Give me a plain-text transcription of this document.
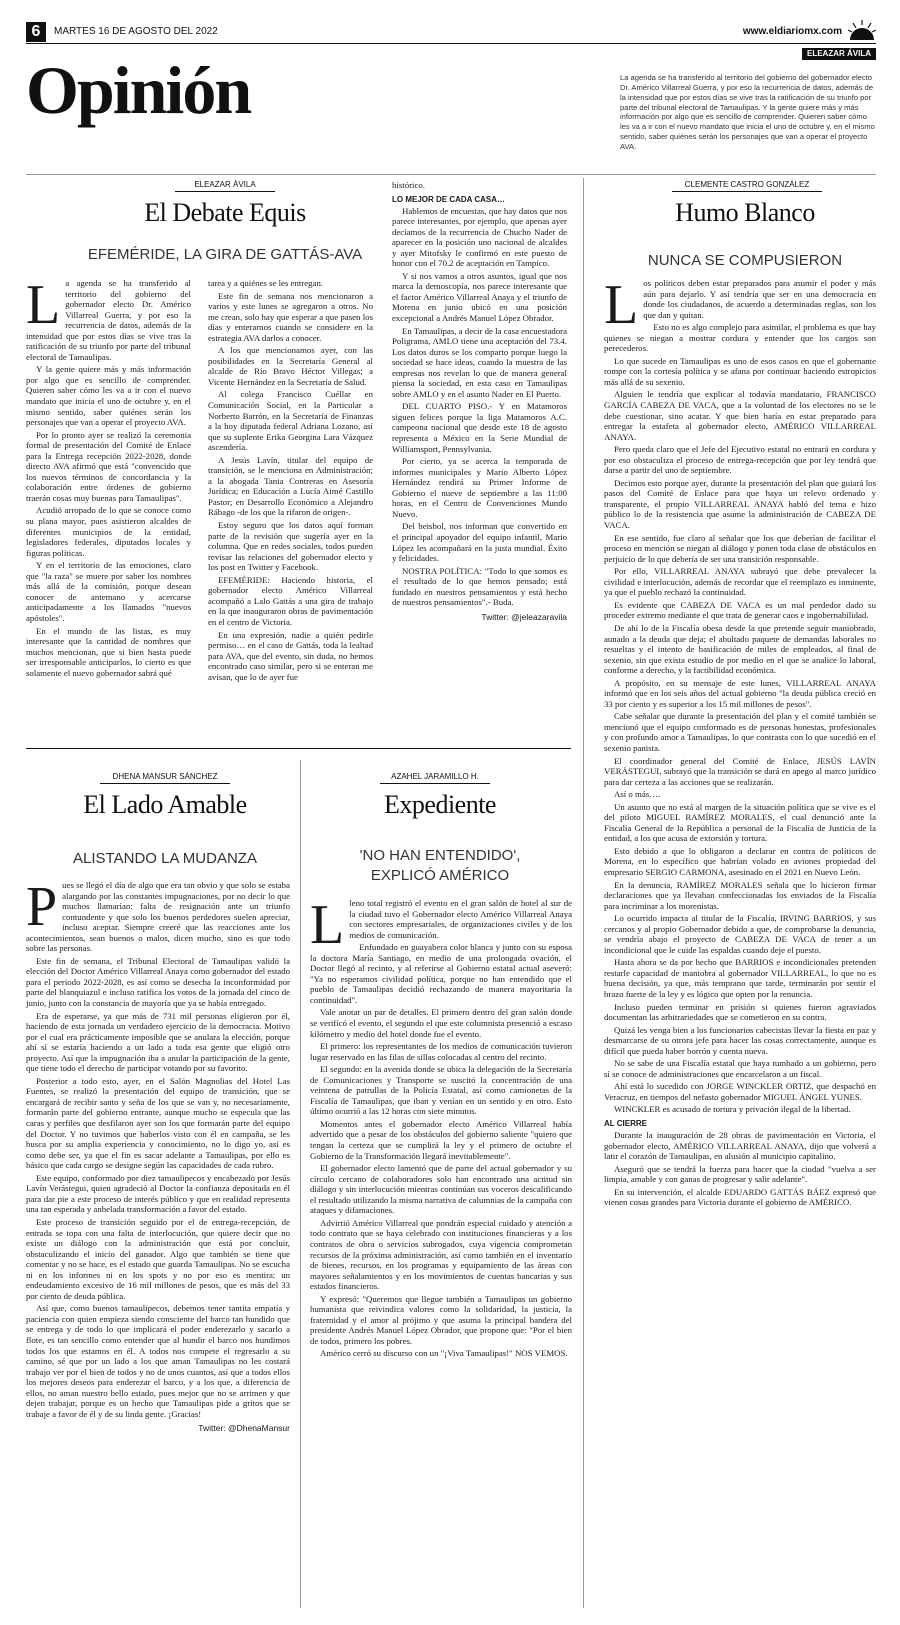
6	MARTES 16 DE AGOSTO DEL 2022	www.eldiariomx.com
Opinión	ELEAZAR ÁVILA
La agenda se ha transferido al territorio del gobierno del gobernador electo Dr. Américo Villarreal Guerra, y por eso la recurrencia de datos, además de la intensidad que por estos días se vive tras la ratificación de su triunfo por parte del tribunal electoral de Tamaulipas. Y la gente quiere más y más información por algo que es sencillo de comprender. Quieren saber cómo les va a ir con el nuevo mandato que inicia el uno de octubre y, en el mismo sentido, saber quiénes serán los personajes que van a operar el proyecto AVA.
ELEAZAR ÁVILA
El Debate Equis
EFEMÉRIDE, LA GIRA DE GATTÁS-AVA
L a agenda se ha transferido al territorio del gobierno del gobernador electo Dr. Américo Villarreal Guerra, y por eso la recurrencia de datos, además de la intensidad que por estos días se vive tras la ratificación de su triunfo por parte del tribunal electoral de Tamaulipas.

Y la gente quiere más y más información por algo que es sencillo de comprender. Quieren saber cómo les va a ir con el nuevo mandato que inicia el uno de octubre y, en el mismo sentido, saber quiénes serán los personajes que van a operar el proyecto AVA.

Por lo pronto ayer se realizó la ceremonia formal de presentación del Comité de Enlace para la Entrega recepción 2022-2028, donde directo AVA afirmó que está "convencido que los nuevos términos de concordancia y la colaboración entre órdenes de gobierno traerán cosas muy buenas para Tamaulipas".

Acudió arropado de lo que se conoce como su plana mayor, pues asistieron alcaldes de diferentes municipios de la entidad, legisladores federales, diputados locales y figuras políticas.

Y en el territorio de las emociones, claro que "la raza" se muere por saber los nombres más allá de la comisión, porque desean conocer de antemano y acercarse anticipadamente a los llamados "nuevos apóstoles".

En el mundo de las listas, es muy interesante que la cantidad de nombres que muchos mencionan, que si bien hasta puede ser irresponsable anticiparlos, lo cierto es que solamente el nuevo gobernador sabrá qué

tarea y a quiénes se les entregan.

Este fin de semana nos mencionaron a varios y este lunes se agregaron a otros. No me crean, solo hay que esperar a que pasen los días y enterarnos cuando se considere en la estrategia AVA darlos a conocer.

A los que mencionamos ayer, con las posibilidades en la Secretaría General al alcalde de Río Bravo Héctor Villegas; a Vicente Hernández en la Secretaría de Salud.

Al colega Francisco Cuéllar en Comunicación Social, en la Particular a Norberto Barrón, en la Secretaría de Finanzas a la hoy diputada federal Adriana Lozano, así que su suplente Erika Georgina Lara Vázquez ascendería.

A Jesús Lavín, titular del equipo de transición, se le menciona en Administración; a la abogada Tania Contreras en Asesoría Jurídica; en Educación a Lucía Aimé Castillo Pastor; en Desarrollo Económico a Alejandro Rábago -de los que la rifaron de origen-.

Estoy seguro que los datos aquí forman parte de la revisión que sugería ayer en la columna. Que en redes sociales, todos pueden revisar las relaciones del gobernador electo y los post en Twitter y Facebook.

EFEMÉRIDE: Haciendo historia, el gobernador electo Américo Villarreal acompañó a Lalo Gattás a una gira de trabajo en la que inauguraron obras de pavimentación en el centro de Victoria.

En una expresión, nadie a quién pedirle permiso… en el caso de Gattás, toda la lealtad para AVA, que del evento, sin duda, no hemos encontrado caso similar, pero si se enteran me avisan, que lo de ayer fue

histórico.

LO MEJOR DE CADA CASA…

Hablemos de encuestas, que hay datos que nos parece interesantes, por ejemplo, que apenas ayer decíamos de la recurrencia de Chucho Nader de aparecer en la posición uno nacional de alcaldes y ayer Mitofsky le confirmó en este puesto de honor con el 70.2 de aceptación en Tampico.

Y si nos vamos a otros asuntos, igual que nos marca la demoscopía, nos parece interesante que el factor Américo Villarreal Anaya y el triunfo de Morena en junio ubicó en una posición excepcional a Andrés Manuel López Obrador.

En Tamaulipas, a decir de la casa encuestadora Poligrama, AMLO tiene una aceptación del 73.4. Los datos duros se los comparto porque luego la sociedad se hace ideas, cuando la muestra de las empresas nos revelan lo que de manera general piensa la sociedad, en esta caso en Tamaulipas sobre AMLO y en el asunto Nader en El Puerto.

DEL CUARTO PISO.- Y en Matamoros siguen felices porque la liga Matamoros A.C. campeona nacional que desde este 18 de agosto representa a México en la Serie Mundial de Williamsport, Pennsylvania.

Por cierto, ya se acerca la temporada de informes municipales y Mario Alberto López Hernández rendirá su Primer Informe de Gobierno el nueve de septiembre a las 11:00 horas, en el Centro de Convenciones Mundo Nuevo.

Del beisbol, nos informan que convertido en el principal apoyador del equipo infantil, Mario López les acompañará en la justa mundial. Éxito y felicidades.

NOSTRA POLÍTICA: "Todo lo que somos es el resultado de lo que hemos pensado; está fundado en nuestros pensamientos y está hecho de nuestros pensamientos".- Buda.

Twitter: @jeleazaravila
CLEMENTE CASTRO GONZÁLEZ
Humo Blanco
NUNCA SE COMPUSIERON
L os políticos deben estar preparados para asumir el poder y más aún para dejarlo. Y así tendría que ser en una democracia en donde los ciudadanos, de acuerdo a determinadas reglas, son los que dan y quitan.

Esto no es algo complejo para asimilar, el problema es que hay quienes se niegan a mostrar cordura y entender que los cargos son perecederos.

Lo que sucede en Tamaulipas es uno de esos casos en que el gobernante rompe con la cortesía política y se afana por continuar haciendo estropicios más allá de su sexenio.

Alguien le tendría que explicar al todavía mandatario, FRANCISCO GARCÍA CABEZA DE VACA, que a la voluntad de los electores no se le debe cuestionar, sino acatar. Y que bien haría en estar preparado para entregar la estafeta al gobernador electo, AMÉRICO VILLARREAL ANAYA.

Pero queda claro que el Jefe del Ejecutivo estatal no entrará en cordura y por eso obstaculiza el proceso de entrega-recepción que por ley tendrá que darse a partir del uno de septiembre.

Decimos esto porque ayer, durante la presentación del plan que guiará los pasos del Comité de Enlace para que haya un relevo ordenado y transparente, el propio VILLARREAL ANAYA habló del tema e hizo público lo de la resistencia que asume la administración de CABEZA DE VACA.

En ese sentido, fue claro al señalar que los que deberían de facilitar el proceso en mención se niegan al diálogo y ponen toda clase de obstáculos en perjuicio de lo que debería de ser una transición responsable.

Por ello, VILLARREAL ANAYA subrayó que debe prevalecer la civilidad e interlocución, además de recordar que el reemplazo es inminente, ya que el pueblo rechazó la continuidad.

Es evidente que CABEZA DE VACA es un mal perdedor dado su proceder extremo mediante el que trata de generar caos e ingobernabilidad.

De ahí lo de la Fiscalía obesa desde la que pretende seguir maniobrado, aunado a la deuda que deja; el abultado paquete de demandas laborales no resueltas y el intento de basificación de miles de empleados, al final de sexenio, sin que exista estudio de por medio en el que se analice lo laboral, conforme a derecho, y la factibilidad económica.

A propósito, en su mensaje de este lunes, VILLARREAL ANAYA informó que en los seis años del actual gobierno "la deuda pública creció en 33 por ciento y es superior a los 15 mil millones de pesos".

Cabe señalar que durante la presentación del plan y el comité también se mencionó que el equipo conformado es de personas honestas, profesionales y con profundo amor a Tamaulipas, lo que contrasta con lo que sucedió en el sexenio panista.

El coordinador general del Comité de Enlace, JESÚS LAVÍN VERÁSTEGUI, subrayó que la transición se dará en apego al marco jurídico para dar certeza a las acciones que se realizarán.

Así o más….

Un asunto que no está al margen de la situación política que se vive es el del piloto MIGUEL RAMÍREZ MORALES, el cual denunció ante la Fiscalía General de la República a personal de la Fiscalía de Justicia de la entidad, a los que acusa de extorsión y tortura.

Esto debido a que lo obligaron a declarar en contra de políticos de Morena, en lo específico que habrían volado en aviones propiedad del empresario SERGIO CARMONA, asesinado en el 2021 en Nuevo León.

En la denuncia, RAMÍREZ MORALES señala que lo hicieron firmar declaraciones que ya llevaban confeccionadas los enviados de la Fiscalía para incriminar a los morenistas.

Lo ocurrido impacta al titular de la Fiscalía, IRVING BARRIOS, y sus cercanos y al propio Gobernador debido a que, de comprobarse la denuncia, se vendría abajo el proyecto de CABEZA DE VACA de tener a un incondicional que le cuide las espaldas cuando deje el puesto.

Hasta ahora se da por hecho que BARRIOS e incondicionales pretenden restarle capacidad de maniobra al gobernador VILLARREAL, lo que no es buena decisión, ya que, más temprano que tarde, terminarán por sentir el brazo fuerte de la ley y es lógico que opten por la renuncia.

Incluso pueden terminar en prisión si quienes fueron agraviados documentan las arbitrariedades que se cometieron en su contra.

Quizá les venga bien a los funcionarios cabecistas llevar la fiesta en paz y desmarcarse de su otrora jefe para hacer las cosas correctamente, aunque es difícil que pueda haber borrón y cuenta nueva.

No se sabe de una Fiscalía estatal que haya tumbado a un gobierno, pero sí se conoce de administraciones que encarcelaron a un fiscal.

Ahí está lo sucedido con JORGE WINCKLER ORTIZ, que despachó en Veracruz, en tiempos del nefasto gobernador MIGUEL ÁNGEL YUNES.

WINCKLER es acusado de tortura y privación ilegal de la libertad.

AL CIERRE

Durante la inauguración de 28 obras de pavimentación en Victoria, el gobernador electo, AMÉRICO VILLARREAL ANAYA, dijo que volverá a latir el corazón de Tamaulipas, en alusión al municipio capitalino.

Aseguró que se tendrá la fuerza para hacer que la ciudad "vuelva a ser limpia, amable y con ganas de progresar y salir adelante".

En su intervención, el alcalde EDUARDO GATTÁS BÁEZ expresó que vienen cosas grandes para Victoria durante el gobierno de AMÉRICO.

DHENA MANSUR SÁNCHEZ
El Lado Amable
ALISTANDO LA MUDANZA
P ues se llegó el día de algo que era tan obvio y que solo se estaba alargando por las constantes impugnaciones, por no decir lo que muchos llamarían: falta de resignación ante un triunfo contundente y que solo los buenos perdedores suelen apreciar, incluso aceptar. Siempre creeré que las reacciones ante los acontecimientos, sean buenos o malos, dicen mucho, sino es que todo sobre las personas.

Este fin de semana, el Tribunal Electoral de Tamaulipas validó la elección del Doctor Américo Villarreal Anaya como gobernador del estado para el periodo 2022-2028, es así como se desecha la inconformidad por parte del blanquiazul e incluso ratifica los votos de la jornada del cinco de junio, junto con la constancia de mayoría que ya se había entregado.

Era de esperarse, ya que más de 731 mil personas eligieron por él, haciendo de esta jornada un verdadero ejercicio de la democracia. Motivo por el cual era prácticamente imposible que se anulara la elección, porque ahí sí se estaría haciendo a un lado a toda esa gente que eligió otro proyecto. Así que la impugnación iba a anular la participación de la gente, que tiene todo el derecho de participar votando por su favorito.

Posterior a todo esto, ayer, en el Salón Magnolias del Hotel Las Fuentes, se realizó la presentación del equipo de transición, que se encargará de recibir santo y seña de los que se van y, no necesariamente, formarán parte del gobierno entrante, aunque mucho se especula que las caras y perfiles que desfilaron ayer son los que formarán parte del equipo del Doctor. Y no tuvimos que haberlos visto con él en campaña, se les busca por su amplia experiencia y conocimiento, no lo digo yo, así es como debe ser, ya que el fin es sacar adelante a Tamaulipas, por ello es básico que cada cargo se designe según las capacidades de cada rubro.

Este equipo, conformado por diez tamaulipecos y encabezado por Jesús Lavín Verástegui, quien agradeció al Doctor la confianza depositada en él para dar pie a este proceso de interés público y que en realidad representa una tan esperada y anhelada transformación a favor del estado.

Este proceso de transición seguido por el de entrega-recepción, de entrada se topa con una falta de interlocución, que quiere decir que no existe un diálogo con la administración que está por concluir, obstaculizando el inicio del ganador. Algo que también se tiene que comentar y no se hace, es el estado que guarda Tamaulipas. No se escucha ni en los informes ni en los spots y no por eso es mentira: un endeudamiento excesivo de 16 mil millones de pesos, que es más del 33 por ciento de deuda pública.

Así que, como buenos tamaulipecos, debemos tener tantita empatía y paciencia con quien empieza siendo consciente del barco tan hundido que se entrega y de todo lo que implicará el poder enderezarlo y sacarlo a flote, es tan sencillo como entender que al hundir el barco nos hundimos todos los que estamos en él. A todos nos compete el regresarlo a su camino, sé que por un lado a los que aman Tamaulipas no les costará trabajo ver por el bien de todos y no de unos cuantos, así que a todos ellos los mejores deseos para enderezar el barco, y a los que, a diferencia de ellos, no aman nuestro bello estado, pues mejor que no se arrimen y que dejen trabajar, porque es un hecho que Tamaulipas pide a gritos que se trabaje a favor de él y de su linda gente. ¡Gracias!

Twitter: @DhenaMansur
AZAHEL JARAMILLO H.
Expediente
'NO HAN ENTENDIDO',
EXPLICÓ AMÉRICO
L leno total registró el evento en el gran salón de hotel al sur de la ciudad tuvo el Gobernador electo Américo Villarreal Anaya con sectores empresariales, de organizaciones civiles y de los medios de comunicación.

Enfundado en guayabera color blanca y junto con su esposa la doctora María Santiago, en medio de una prolongada ovación, el Doctor llegó al recinto, y al referirse al Gobierno estatal actual aseveró: "Ya no esperamos civilidad política, porque no han entendido que el pueblo de Tamaulipas decidió rechazando de manera mayoritaria la continuidad".

Vale anotar un par de detalles. El primero dentro del gran salón donde se verificó el evento, el segundo el que este columnista presenció a escaso kilómetro y medio del hotel donde fue el evento.

El primero: los representantes de los medios de comunicación tuvieron lugar reservado en las filas de sillas colocadas al centro del recinto.

El segundo: en la avenida donde se ubica la delegación de la Secretaría de Comunicaciones y Transporte se suscitó la concentración de una veintena de patrullas de la Policía Estatal, así como camionetas de la Fiscalía de Tamaulipas, que iban y venían en un sentido y en otro. Esto último ocurrió a las 12 horas con siete minutos.

Momentos antes el gobernador electo Américo Villarreal había advertido que a pesar de los obstáculos del gobierno saliente "quiero que tengan la certeza que se cumplirá la ley y el primero de octubre el Gobierno de la Transformación llegará inevitablemente".

El gobernador electo lamentó que de parte del actual gobernador y su círculo cercano de colaboradores solo han encontrado una actitud sin diálogo y sin interlocución mientras continúan sus voceros descalificando el resultado utilizando la misma narrativa de calumnias de la campaña con ataques y difamaciones.

Advirtió Américo Villarreal que pondrán especial cuidado y atención a todo contrato que se haya celebrado con instituciones financieras y a los contratos de obra o servicios subrogados, cuya vigencia comprometan recursos de la próxima administración, así como también en el inventario de bienes, recursos, en los programas y equipamiento de las áreas con mayores señalamientos y en los movimientos de cuentas bancarias y sus estados financieros.

Y expresó: "Queremos que llegue también a Tamaulipas un gobierno humanista que reivindica valores como la solidaridad, la justicia, la fraternidad y el amor al prójimo y que asuma la principal bandera del presidente Andrés Manuel López Obrador, que propone que: "Por el bien de todos, primero los pobres.

Américo cerró su discurso con un "¡Viva Tamaulipas!" NOS VEMOS.
